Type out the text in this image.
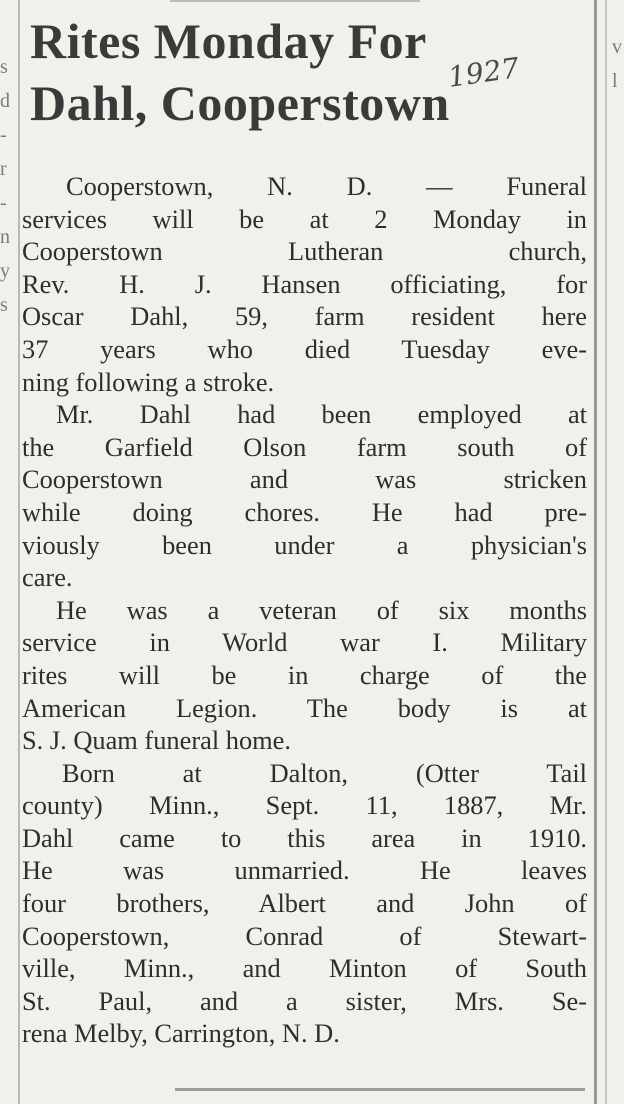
s
d
-
r
-
n
y
s
v
l
Rites Monday For
Dahl, Cooperstown
1927
Cooperstown, N. D. — Funeral
services will be at 2 Monday in
Cooperstown Lutheran church,
Rev. H. J. Hansen officiating, for
Oscar Dahl, 59, farm resident here
37 years who died Tuesday eve-
ning following a stroke.
Mr. Dahl had been employed at
the Garfield Olson farm south of
Cooperstown and was stricken
while doing chores. He had pre-
viously been under a physician's
care.
He was a veteran of six months
service in World war I. Military
rites will be in charge of the
American Legion. The body is at
S. J. Quam funeral home.
Born at Dalton, (Otter Tail
county) Minn., Sept. 11, 1887, Mr.
Dahl came to this area in 1910.
He was unmarried. He leaves
four brothers, Albert and John of
Cooperstown, Conrad of Stewart-
ville, Minn., and Minton of South
St. Paul, and a sister, Mrs. Se-
rena Melby, Carrington, N. D.
